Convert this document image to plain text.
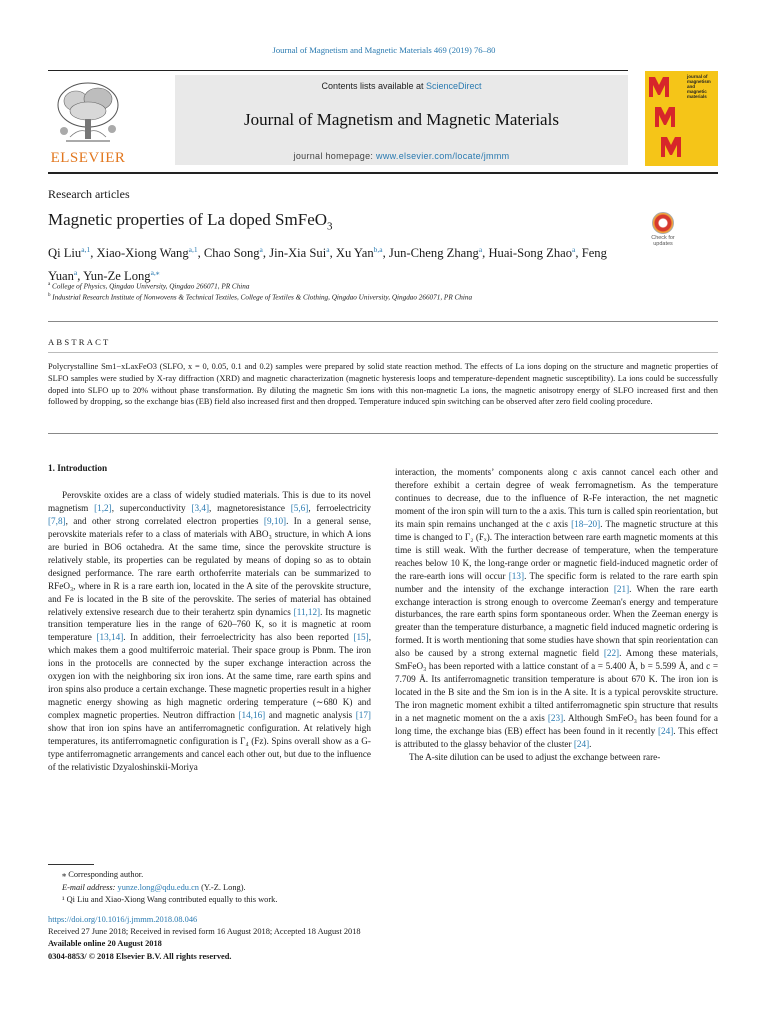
Journal of Magnetism and Magnetic Materials 469 (2019) 76–80
ELSEVIER
Contents lists available at ScienceDirect
Journal of Magnetism and Magnetic Materials
journal homepage: www.elsevier.com/locate/jmmm
journal of magnetism and magnetic materials
Research articles
Magnetic properties of La doped SmFeO$_3$
Check for updates
Qi Liu$^{a,1}$, Xiao-Xiong Wang$^{a,1}$, Chao Song$^a$, Jin-Xia Sui$^a$, Xu Yan$^{b,a}$, Jun-Cheng Zhang$^a$, Huai-Song Zhao$^a$, Feng Yuan$^a$, Yun-Ze Long$^{a,⁎}$
$^a$ College of Physics, Qingdao University, Qingdao 266071, PR China
$^b$ Industrial Research Institute of Nonwovens & Technical Textiles, College of Textiles & Clothing, Qingdao University, Qingdao 266071, PR China
ABSTRACT
Polycrystalline Sm1−xLaxFeO3 (SLFO, x = 0, 0.05, 0.1 and 0.2) samples were prepared by solid state reaction method. The effects of La ions doping on the structure and magnetic properties of SLFO samples were studied by X-ray diffraction (XRD) and magnetic characterization (magnetic hysteresis loops and temperature-dependent magnetic susceptibility). La ions could be successfully doped into SLFO up to 20% without phase transformation. By diluting the magnetic Sm ions with this non-magnetic La ions, the magnetic anisotropy energy of SLFO increased first and then followed by dropping, so the exchange bias (EB) field also increased first and then dropped. Temperature induced spin switching can be observed after zero field cooling procedure.

1. Introduction

Perovskite oxides are a class of widely studied materials. This is due to its novel magnetism [1,2], superconductivity [3,4], magnetoresistance [5,6], ferroelectricity [7,8], and other strong correlated electron properties [9,10]. In a general sense, perovskite materials refer to a class of materials with ABO₃ structure, in which A ions are buried in BO6 octahedra. At the same time, since the perovskite structure is relatively stable, its properties can be regulated by means of doping so as to obtain designed performance. The rare earth orthoferrite materials can be summarized to RFeO₃, where in R is a rare earth ion, located in the A site of the perovskite structure, and Fe is located in the B site of the perovskite. The series of material has obtained relatively extensive research due to their terahertz spin dynamics [11,12]. Its magnetic transition temperature lies in the range of 620–760 K, so it is magnetic at room temperature [13,14]. In addition, their ferroelectricity has also been reported [15], which makes them a good multiferroic material. Their space group is Pbnm. The iron ions in the protocells are connected by the super exchange interaction across the oxygen ion with the neighboring six iron ions. At the same time, rare earth spins and iron spins also produce a certain exchange. These magnetic properties result in a higher magnetic energy showing as high magnetic ordering temperature (∼680 K) and complex magnetic properties. Neutron diffraction [14,16] and magnetic analysis [17] show that iron ion spins have an antiferromagnetic configuration. At relatively high temperatures, its antiferromagnetic configuration is Γ₄ (Fz). Spins overall show as a G-type antiferromagnetic arrangements and cancel each other out, but due to the influence of the relativistic Dzyaloshinskii-Moriya

interaction, the moments’ components along c axis cannot cancel each other and therefore exhibit a certain degree of weak ferromagnetism. As the temperature continues to decrease, due to the influence of R-Fe interaction, the net magnetic moment of the iron spin will turn to the a axis. This turn is called spin reorientation, but its main spin remains unchanged at the c axis [18–20]. The magnetic structure at this time is changed to Γ₂ (Fₓ). The interaction between rare earth magnetic moments at this time is still weak. With the further decrease of temperature, when the temperature reaches below 10 K, the long-range order or magnetic field-induced magnetic order of the rare-earth ions will occur [13]. The specific form is related to the rare earth spin number and the intensity of the exchange interaction [21]. When the rare earth exchange interaction is strong enough to overcome Zeeman's energy and temperature disturbances, the rare earth spins form spontaneous order. When the Zeeman energy is greater than the temperature disturbance, a magnetic field induced magnetic ordering is formed. It is worth mentioning that some studies have shown that spin reorientation can also be caused by a strong external magnetic field [22]. Among these materials, SmFeO₃ has been reported with a lattice constant of a = 5.400 Å, b = 5.599 Å, and c = 7.709 Å. Its antiferromagnetic transition temperature is about 670 K. The iron ion is located in the B site and the Sm ion is in the A site. It is a typical perovskite structure. The iron magnetic moment exhibit a tilted antiferromagnetic spin structure that results in a net magnetic moment on the a axis [23]. Although SmFeO₃ has been found for a long time, the exchange bias (EB) effect has been found in it recently [24]. This effect is attributed to the glassy behavior of the cluster [24].

The A-site dilution can be used to adjust the exchange between rare-

⁎ Corresponding author.
E-mail address: yunze.long@qdu.edu.cn (Y.-Z. Long).
¹ Qi Liu and Xiao-Xiong Wang contributed equally to this work.
https://doi.org/10.1016/j.jmmm.2018.08.046
Received 27 June 2018; Received in revised form 16 August 2018; Accepted 18 August 2018
Available online 20 August 2018
0304-8853/ © 2018 Elsevier B.V. All rights reserved.
